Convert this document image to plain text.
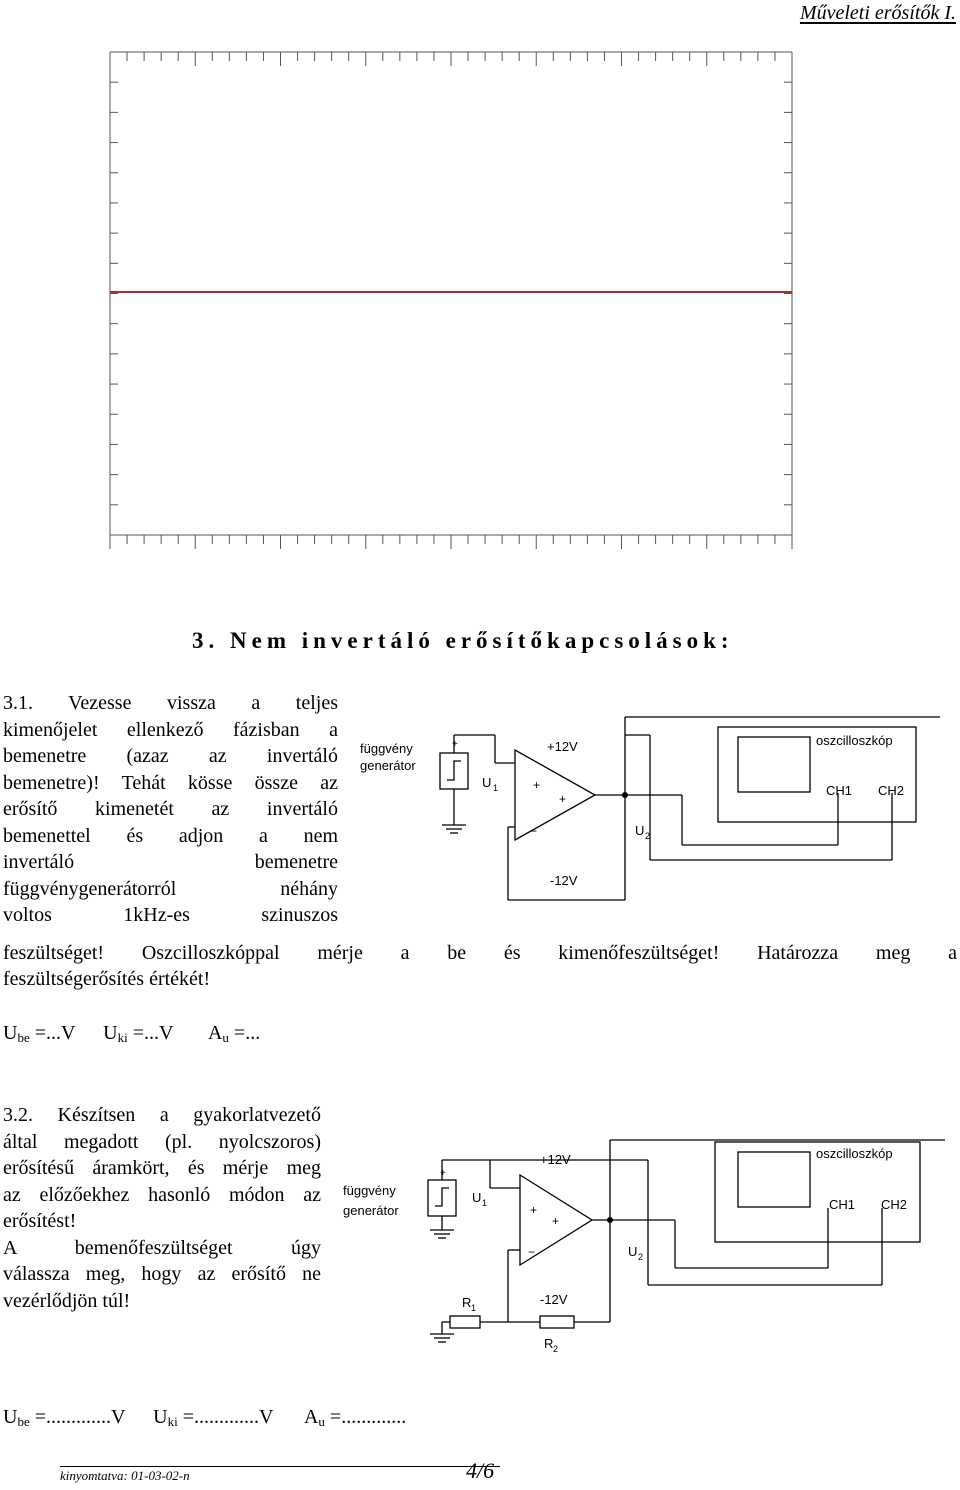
Műveleti erősítők I.
3. Nem invertáló erősítőkapcsolások:
3.1. Vezesse vissza a teljes
kimenőjelet ellenkező fázisban a
bemenetre (azaz az invertáló
bemenetre)! Tehát kösse össze az
erősítő kimenetét az invertáló
bemenettel és adjon a nem
invertáló bemenetre
függvénygenerátorról néhány
voltos 1kHz-es szinuszos
feszültséget! Oszcilloszkóppal mérje a be és kimenőfeszültséget! Határozza meg a
feszültségerősítés értékét!
függvény
generátor
U 1
+12V
-12V
U 2
oszcilloszkóp
CH1 CH2
+
+
−
+
$U_{be} =...V$ $U_{ki} =...V$ $A_u$ =...
3.2. Készítsen a gyakorlatvezető
által megadott (pl. nyolcszoros)
erősítésű áramkört, és mérje meg
az előzőekhez hasonló módon az
erősítést!
A bemenőfeszültséget úgy
válassza meg, hogy az erősítő ne
vezérlődjön túl!
függvény
generátor
U 1
+12V
-12V
U 2
R 1
R 2
oszcilloszkóp
CH1 CH2
+
+
−
+
$U_{be} =.............V$ $U_{ki} =.............V$ $A_u$ =.............
kinyomtatva: 01-03-02-n	4/6
